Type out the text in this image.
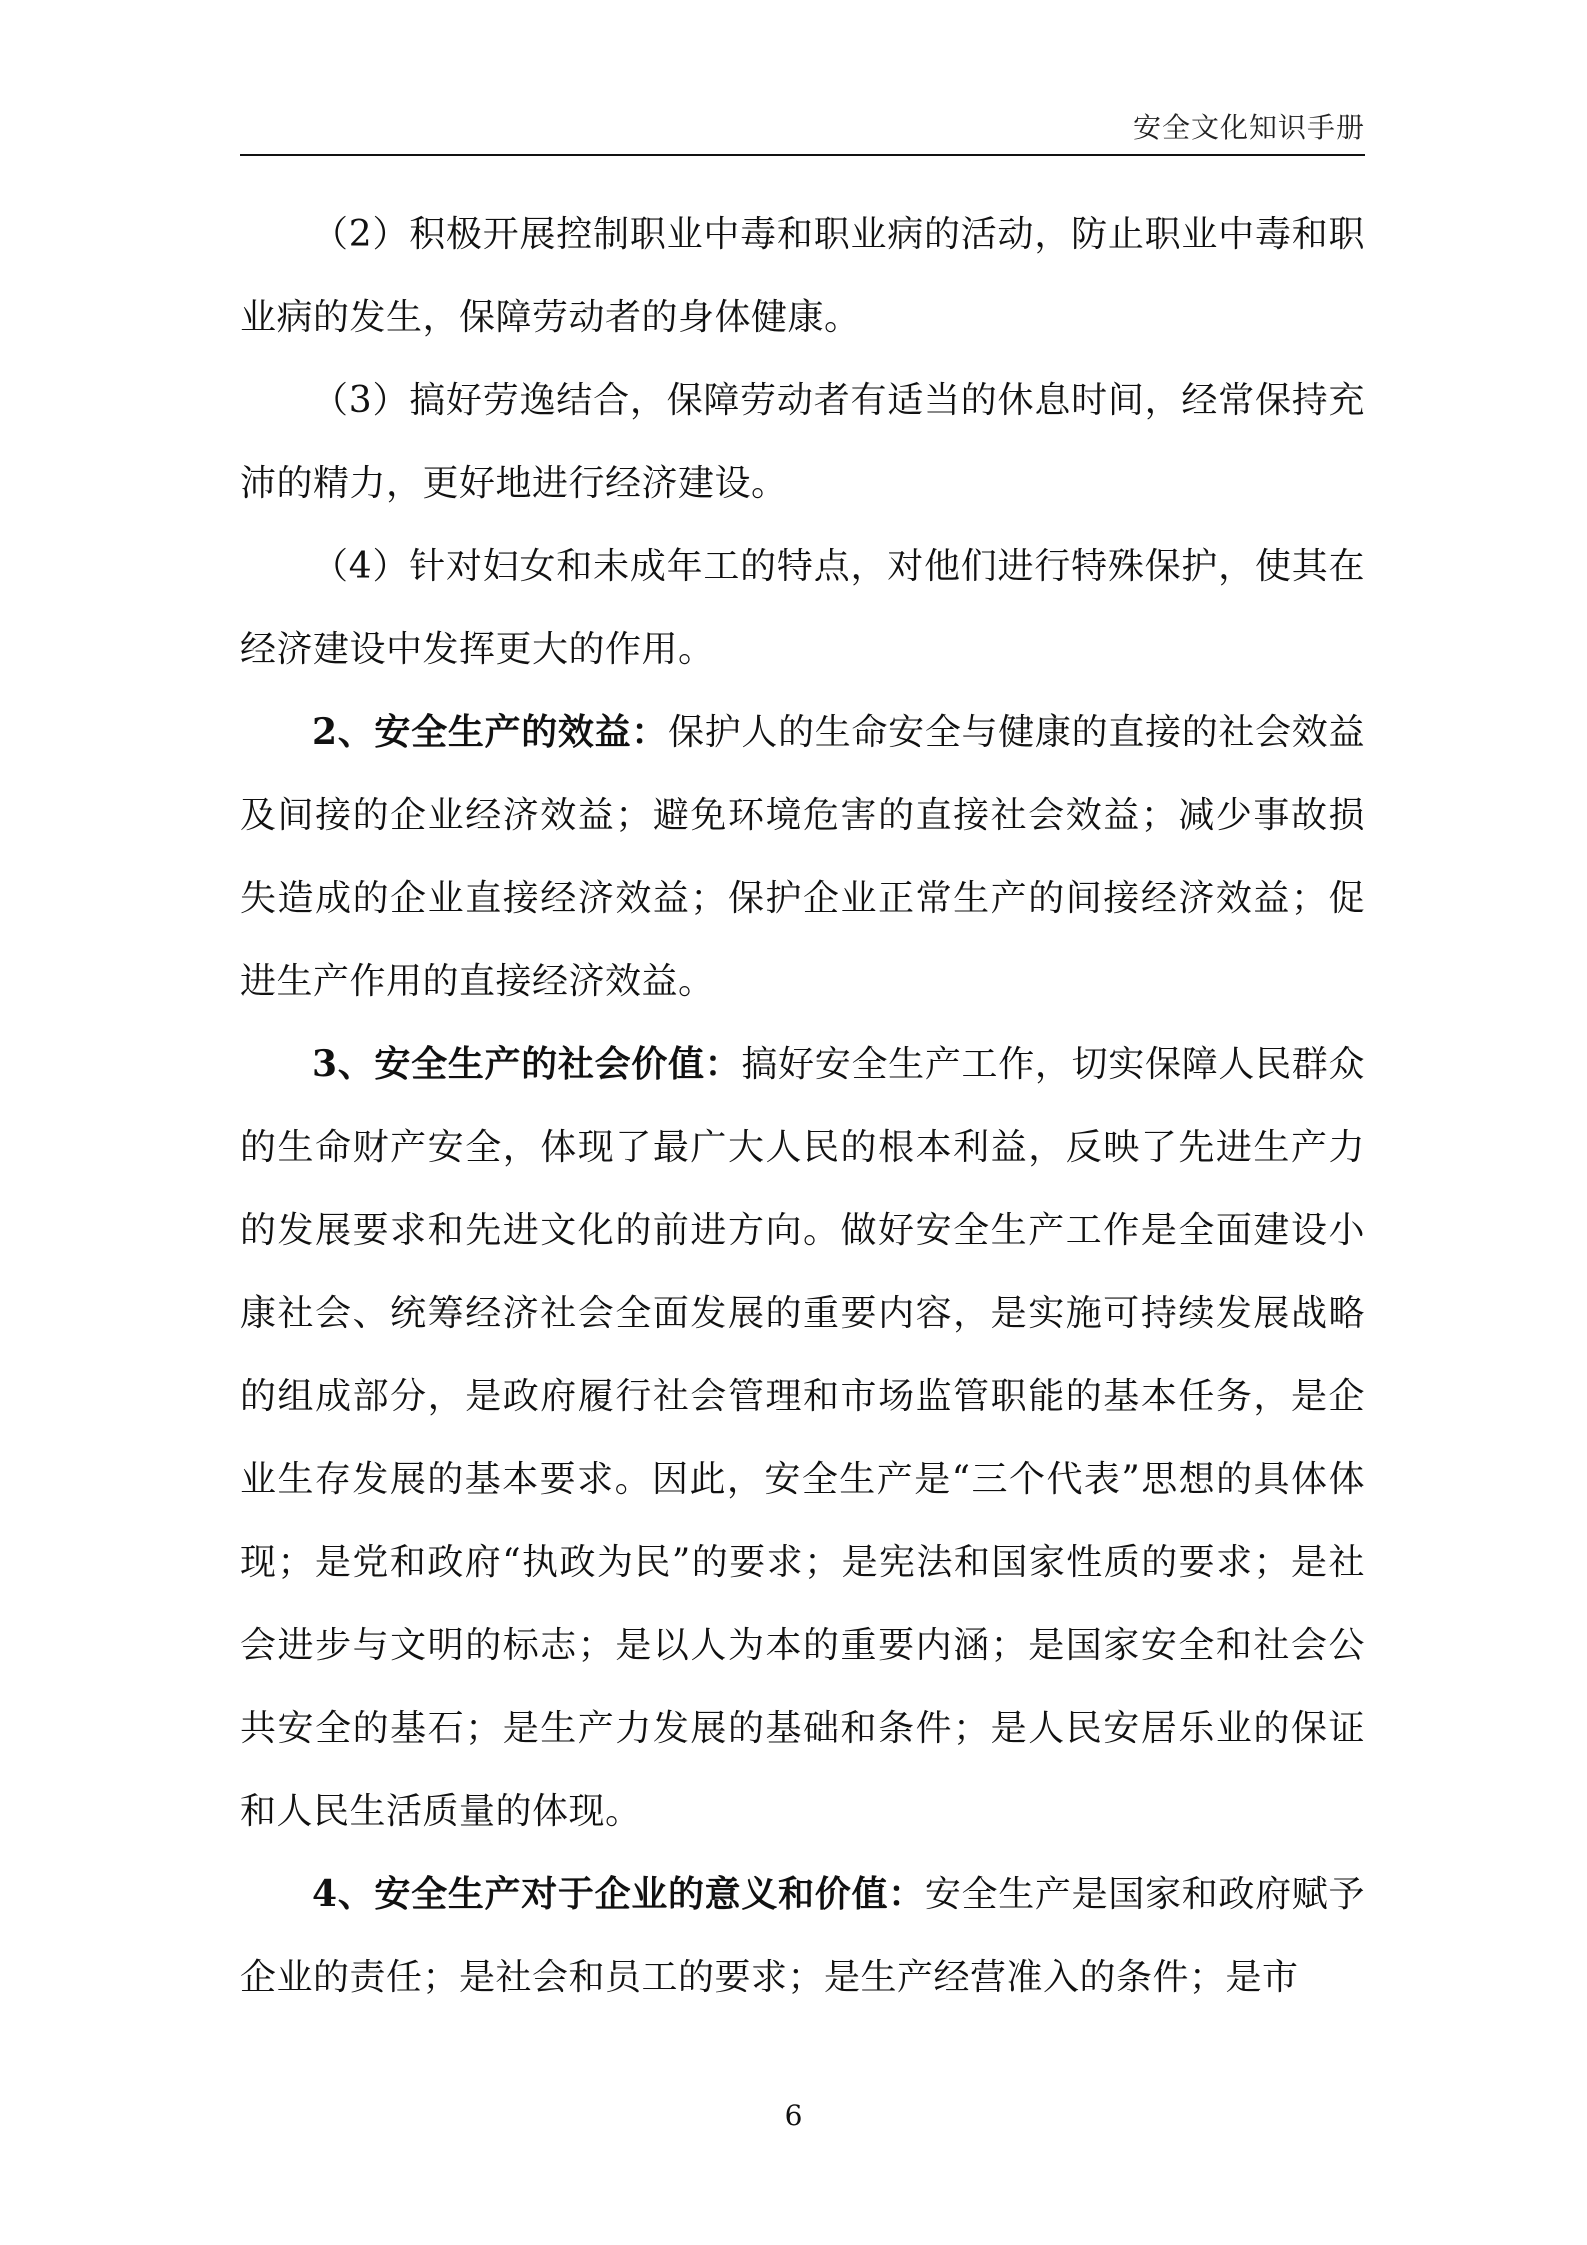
安全文化知识手册

（2）积极开展控制职业中毒和职业病的活动，防止职业中毒和职业病的发生，保障劳动者的身体健康。

（3）搞好劳逸结合，保障劳动者有适当的休息时间，经常保持充沛的精力，更好地进行经济建设。

（4）针对妇女和未成年工的特点，对他们进行特殊保护，使其在经济建设中发挥更大的作用。

2、安全生产的效益：保护人的生命安全与健康的直接的社会效益及间接的企业经济效益；避免环境危害的直接社会效益；减少事故损失造成的企业直接经济效益；保护企业正常生产的间接经济效益；促进生产作用的直接经济效益。

3、安全生产的社会价值：搞好安全生产工作，切实保障人民群众的生命财产安全，体现了最广大人民的根本利益，反映了先进生产力的发展要求和先进文化的前进方向。做好安全生产工作是全面建设小康社会、统筹经济社会全面发展的重要内容，是实施可持续发展战略的组成部分，是政府履行社会管理和市场监管职能的基本任务，是企业生存发展的基本要求。因此，安全生产是“三个代表”思想的具体体现；是党和政府“执政为民”的要求；是宪法和国家性质的要求；是社会进步与文明的标志；是以人为本的重要内涵；是国家安全和社会公共安全的基石；是生产力发展的基础和条件；是人民安居乐业的保证和人民生活质量的体现。

4、安全生产对于企业的意义和价值：安全生产是国家和政府赋予企业的责任；是社会和员工的要求；是生产经营准入的条件；是市

6
